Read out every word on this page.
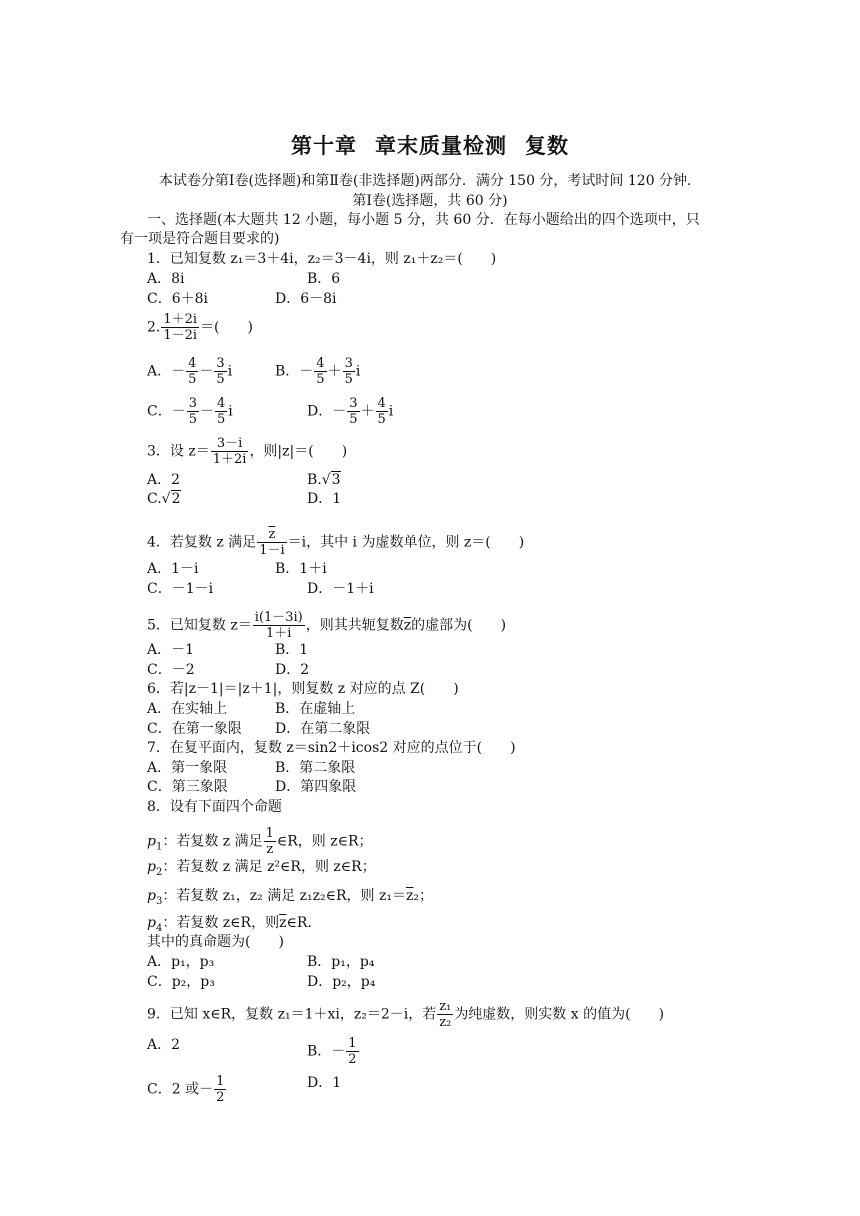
第十章 章末质量检测 复数
本试卷分第Ⅰ卷(选择题)和第Ⅱ卷(非选择题)两部分．满分 150 分，考试时间 120 分钟．
第Ⅰ卷(选择题，共 60 分)
一、选择题(本大题共 12 小题，每小题 5 分，共 60 分．在每小题给出的四个选项中，只
有一项是符合题目要求的)
1．已知复数 z₁＝3＋4i，z₂＝3－4i，则 z₁＋z₂＝(　　)
A．8i	B．6
C．6＋8i	D．6－8i
2. $\frac{1+2i}{1-2i}$ ＝(　　)
A．－ $\frac{4}{5} - \frac{3}{5}$ i	B．－ $\frac{4}{5} + \frac{3}{5}$ i
C．－ $\frac{3}{5} - \frac{4}{5}$ i	D．－ $\frac{3}{5} + \frac{4}{5}$ i
3．设 $z= \frac{3-i}{1+2i}$ ，则|z|＝(　　)
A．2	B.√3
C.√2	D．1
4．若复数 z 满足 $\frac{\overline{z}}{1-i} =i$，其中 i 为虚数单位，则 z＝(　　)
A．1－i	B．1＋i
C．－1－i	D．－1＋i
5．已知复数 $z= \frac{i(1-3i)}{1+i}$ ，则其共轭复数$\overline{z}$的虚部为(　　)
A．－1	B．1
C．－2	D．2
6．若|z－1|＝|z＋1|，则复数 z 对应的点 Z(　　)
A．在实轴上	B．在虚轴上
C．在第一象限 D．在第二象限
7．在复平面内，复数 z＝sin2＋icos2 对应的点位于(　　)
A．第一象限	B．第二象限
C．第三象限	D．第四象限
8．设有下面四个命题
$p_1$：若复数 z 满足 $\frac{1}{z}$ ∈R，则 z∈R；
$p_2$：若复数 z 满足 z²∈R，则 z∈R；
$p_3$：若复数 z₁，z₂ 满足 z₁z₂∈R，则 $z_1=\overline{z}_2$；
$p_4$：若复数 z∈R，则$\overline{z}\in R$.
其中的真命题为(　　)
A．p₁，p₃	B．p₁，p₄
C．p₂，p₃	D．p₂，p₄
9．已知 x∈R，复数 z₁＝1＋xi，z₂＝2－i，若 $\frac{\text{z₁}}{\text{z₂}}$ 为纯虚数，则实数 x 的值为(　　)
A．2	B．－ $\frac{1}{2}$
C．2 或－ $\frac{1}{2}$	D．1
